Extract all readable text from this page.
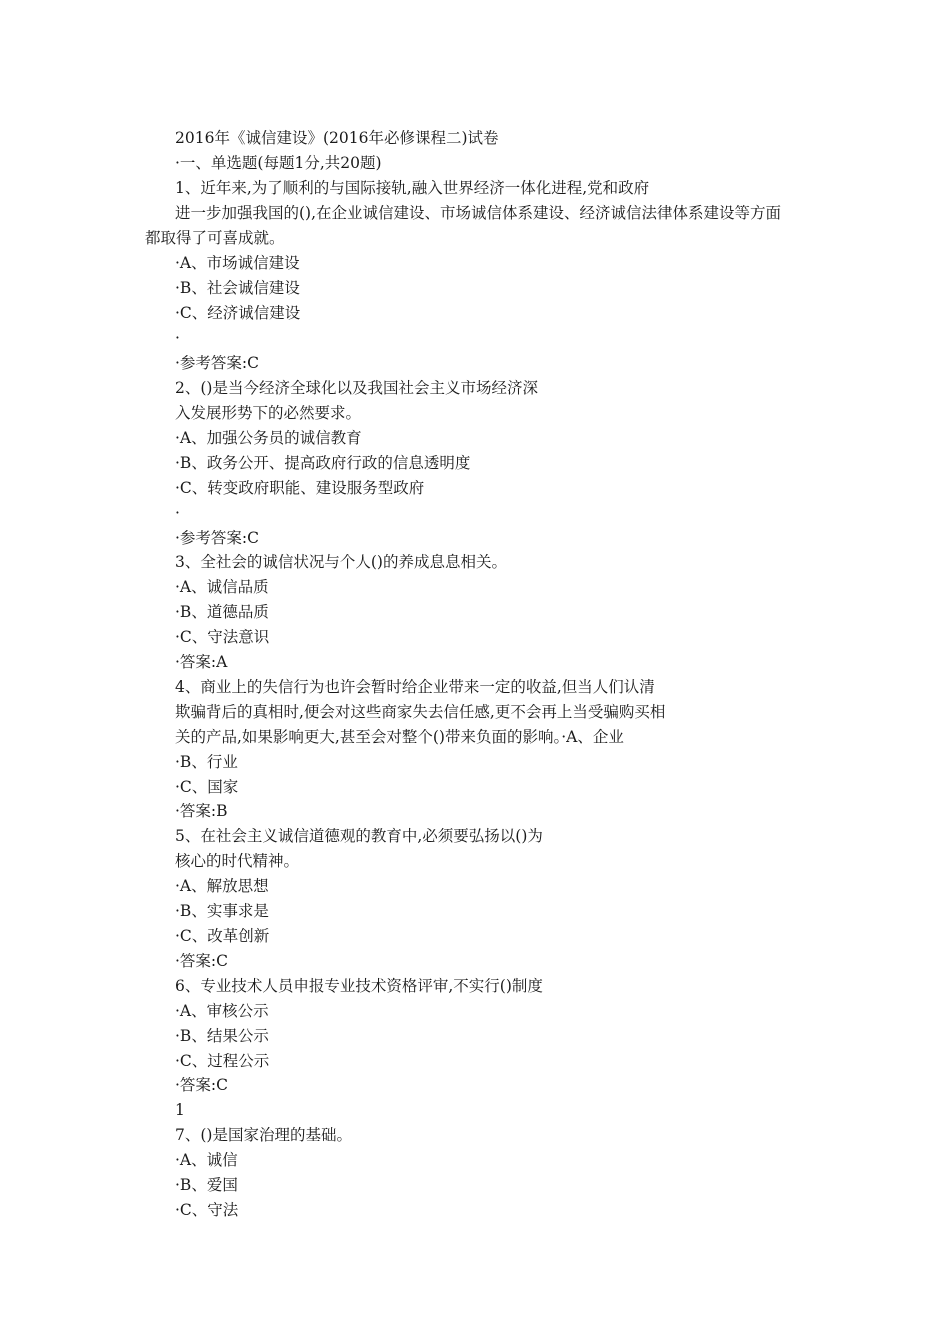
2016年《诚信建设》(2016年必修课程二)试卷
·一、单选题(每题1分,共20题)
1、近年来,为了顺利的与国际接轨,融入世界经济一体化进程,党和政府
进一步加强我国的(),在企业诚信建设、市场诚信体系建设、经济诚信法律体系建设等方面
都取得了可喜成就。
·A、市场诚信建设
·B、社会诚信建设
·C、经济诚信建设
·
·参考答案:C
2、()是当今经济全球化以及我国社会主义市场经济深
入发展形势下的必然要求。
·A、加强公务员的诚信教育
·B、政务公开、提高政府行政的信息透明度
·C、转变政府职能、建设服务型政府
·
·参考答案:C
3、全社会的诚信状况与个人()的养成息息相关。
·A、诚信品质
·B、道德品质
·C、守法意识
·答案:A
4、商业上的失信行为也许会暂时给企业带来一定的收益,但当人们认清
欺骗背后的真相时,便会对这些商家失去信任感,更不会再上当受骗购买相
关的产品,如果影响更大,甚至会对整个()带来负面的影响。·A、企业
·B、行业
·C、国家
·答案:B
5、在社会主义诚信道德观的教育中,必须要弘扬以()为
核心的时代精神。
·A、解放思想
·B、实事求是
·C、改革创新
·答案:C
6、专业技术人员申报专业技术资格评审,不实行()制度
·A、审核公示
·B、结果公示
·C、过程公示
·答案:C
1
7、()是国家治理的基础。
·A、诚信
·B、爱国
·C、守法
